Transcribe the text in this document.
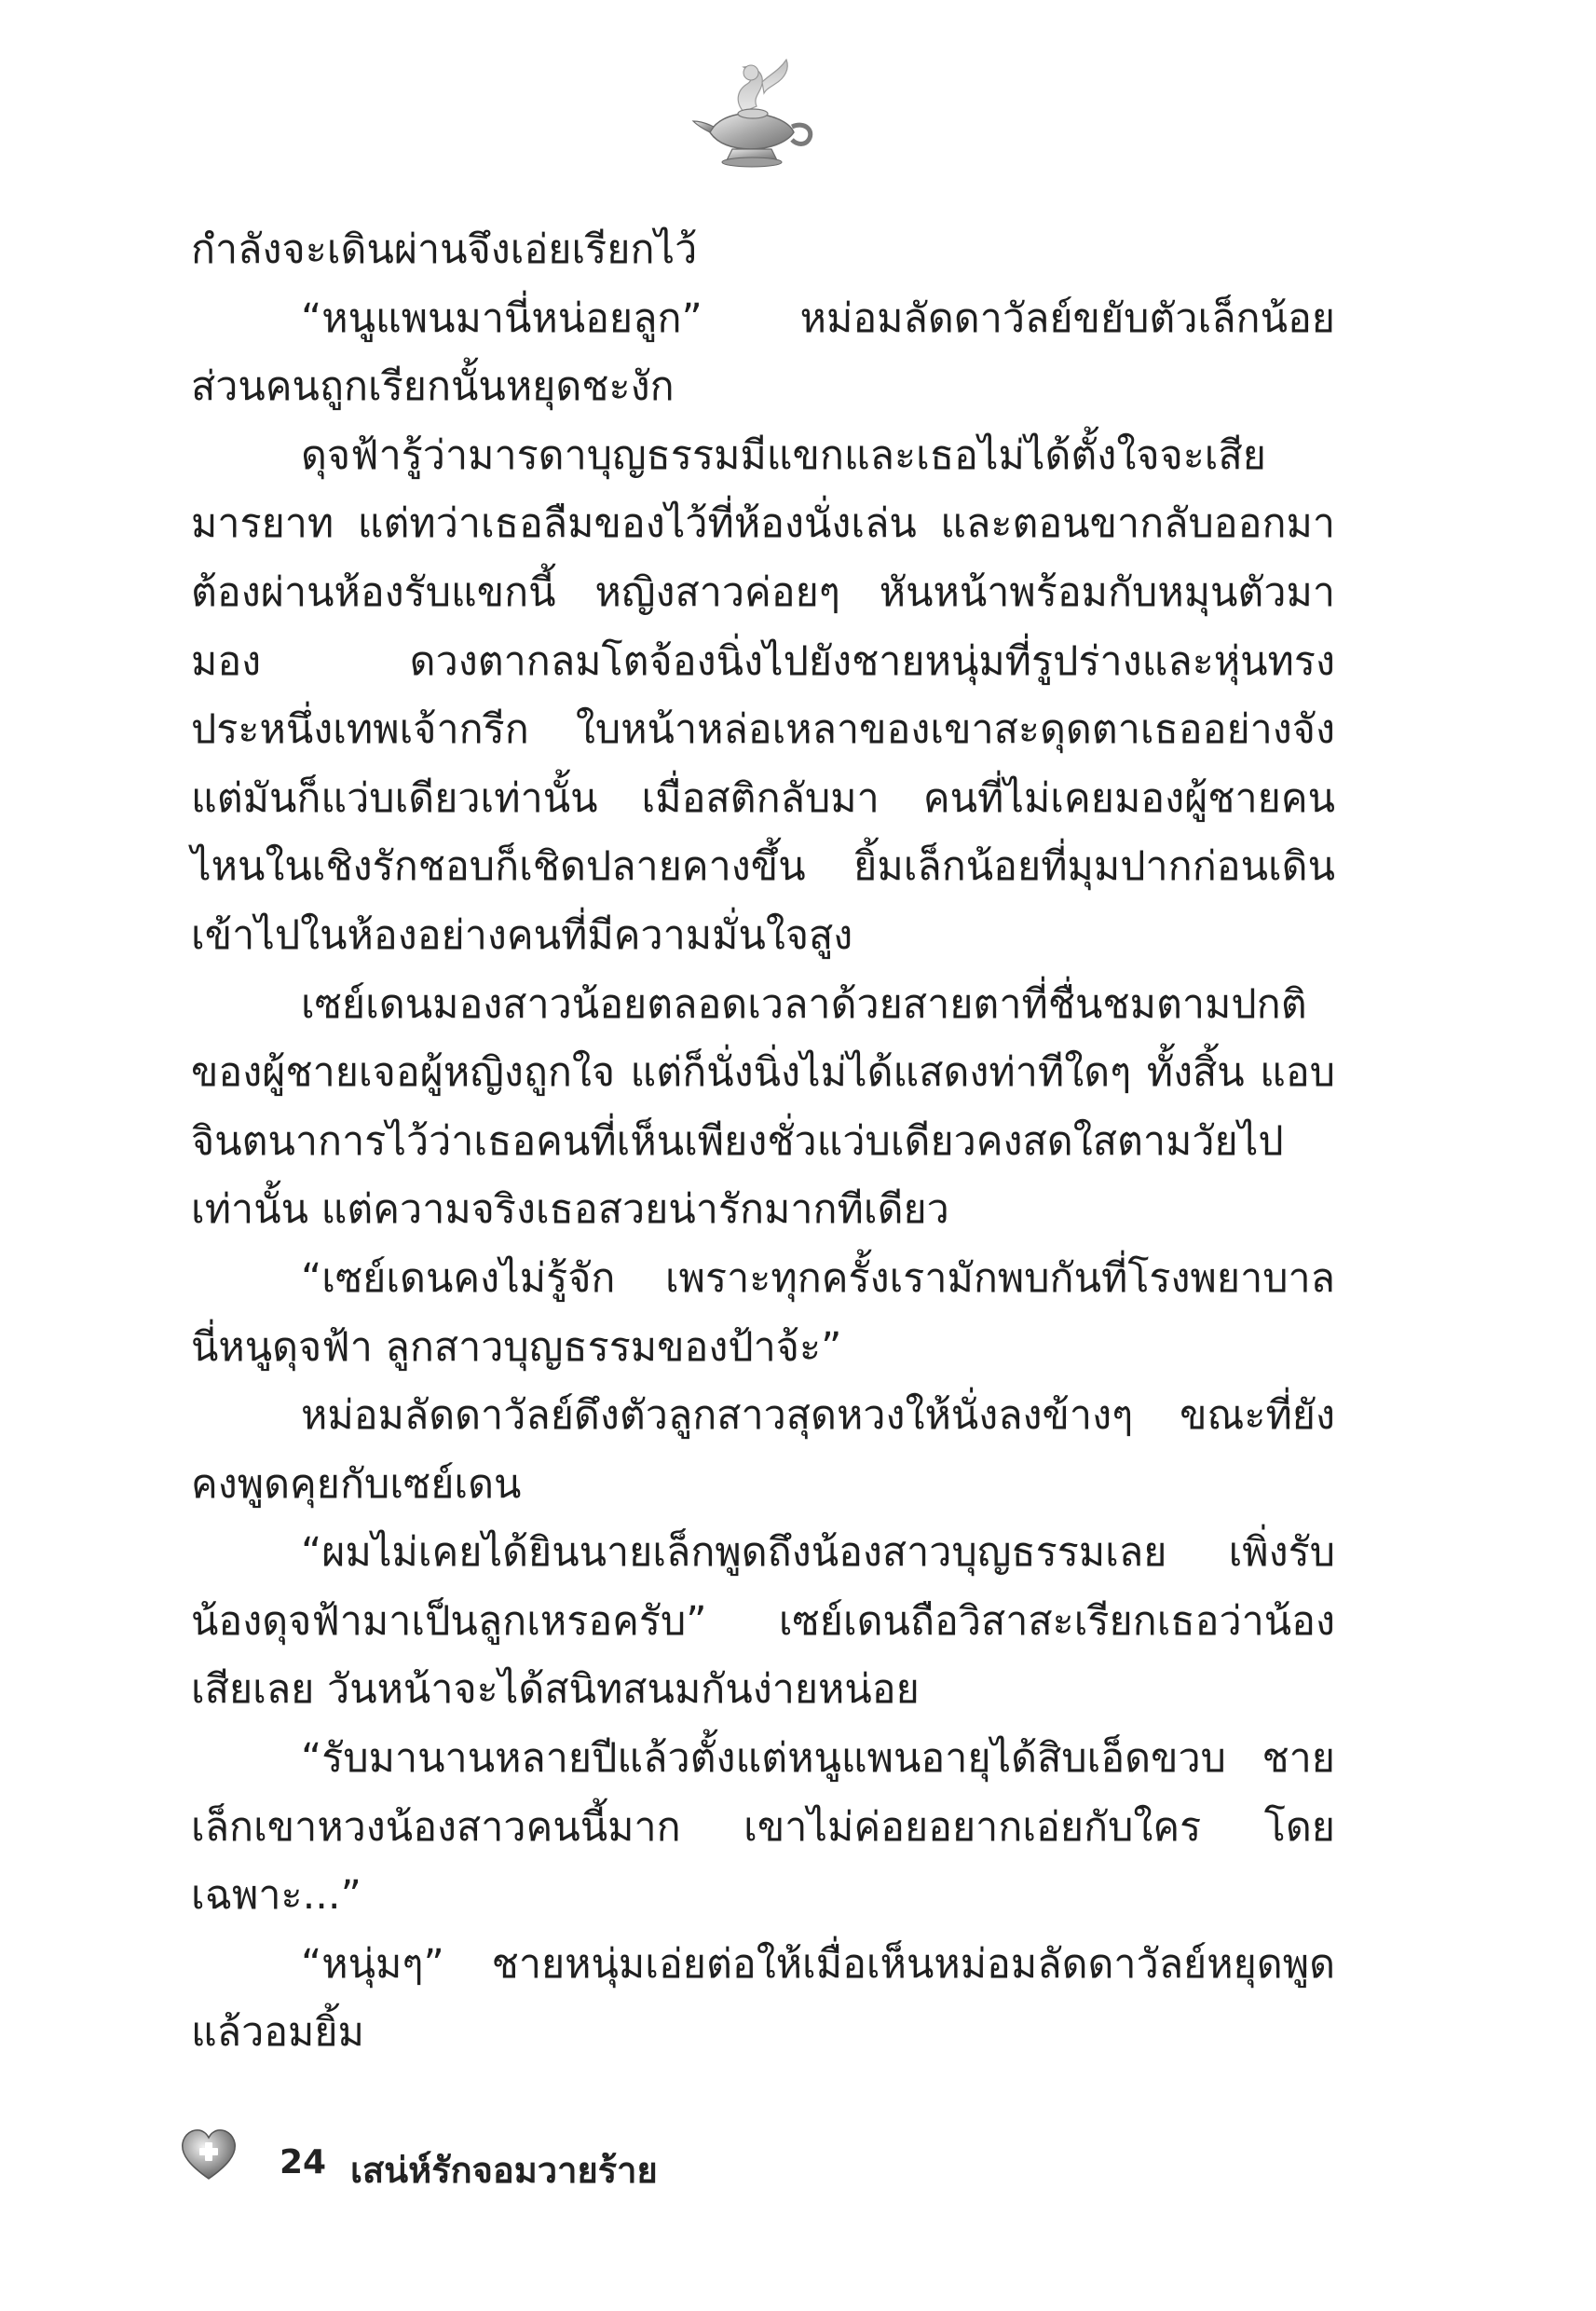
กำลังจะเดินผ่านจึงเอ่ยเรียกไว้

“หนูแพนมานี่หน่อยลูก” หม่อมลัดดาวัลย์ขยับตัวเล็กน้อย ส่วนคนถูกเรียกนั้นหยุดชะงัก

ดุจฟ้ารู้ว่ามารดาบุญธรรมมีแขกและเธอไม่ได้ตั้งใจจะเสียมารยาท แต่ทว่าเธอลืมของไว้ที่ห้องนั่งเล่น และตอนขากลับออกมาต้องผ่านห้องรับแขกนี้ หญิงสาวค่อยๆ หันหน้าพร้อมกับหมุนตัวมามอง ดวงตากลมโตจ้องนิ่งไปยังชายหนุ่มที่รูปร่างและหุ่นทรงประหนึ่งเทพเจ้ากรีก ใบหน้าหล่อเหลาของเขาสะดุดตาเธออย่างจัง แต่มันก็แว่บเดียวเท่านั้น เมื่อสติกลับมา คนที่ไม่เคยมองผู้ชายคนไหนในเชิงรักชอบก็เชิดปลายคางขึ้น ยิ้มเล็กน้อยที่มุมปากก่อนเดินเข้าไปในห้องอย่างคนที่มีความมั่นใจสูง

เซย์เดนมองสาวน้อยตลอดเวลาด้วยสายตาที่ชื่นชมตามปกติของผู้ชายเจอผู้หญิงถูกใจ แต่ก็นั่งนิ่งไม่ได้แสดงท่าทีใดๆ ทั้งสิ้น แอบจินตนาการไว้ว่าเธอคนที่เห็นเพียงชั่วแว่บเดียวคงสดใสตามวัยไปเท่านั้น แต่ความจริงเธอสวยน่ารักมากทีเดียว

“เซย์เดนคงไม่รู้จัก เพราะทุกครั้งเรามักพบกันที่โรงพยาบาล นี่หนูดุจฟ้า ลูกสาวบุญธรรมของป้าจ้ะ”

หม่อมลัดดาวัลย์ดึงตัวลูกสาวสุดหวงให้นั่งลงข้างๆ ขณะที่ยังคงพูดคุยกับเซย์เดน

“ผมไม่เคยได้ยินนายเล็กพูดถึงน้องสาวบุญธรรมเลย เพิ่งรับน้องดุจฟ้ามาเป็นลูกเหรอครับ” เซย์เดนถือวิสาสะเรียกเธอว่าน้องเสียเลย วันหน้าจะได้สนิทสนมกันง่ายหน่อย

“รับมานานหลายปีแล้วตั้งแต่หนูแพนอายุได้สิบเอ็ดขวบ ชายเล็กเขาหวงน้องสาวคนนี้มาก เขาไม่ค่อยอยากเอ่ยกับใคร โดยเฉพาะ...”

“หนุ่มๆ” ชายหนุ่มเอ่ยต่อให้เมื่อเห็นหม่อมลัดดาวัลย์หยุดพูดแล้วอมยิ้ม

24 เสน่ห์รักจอมวายร้าย
